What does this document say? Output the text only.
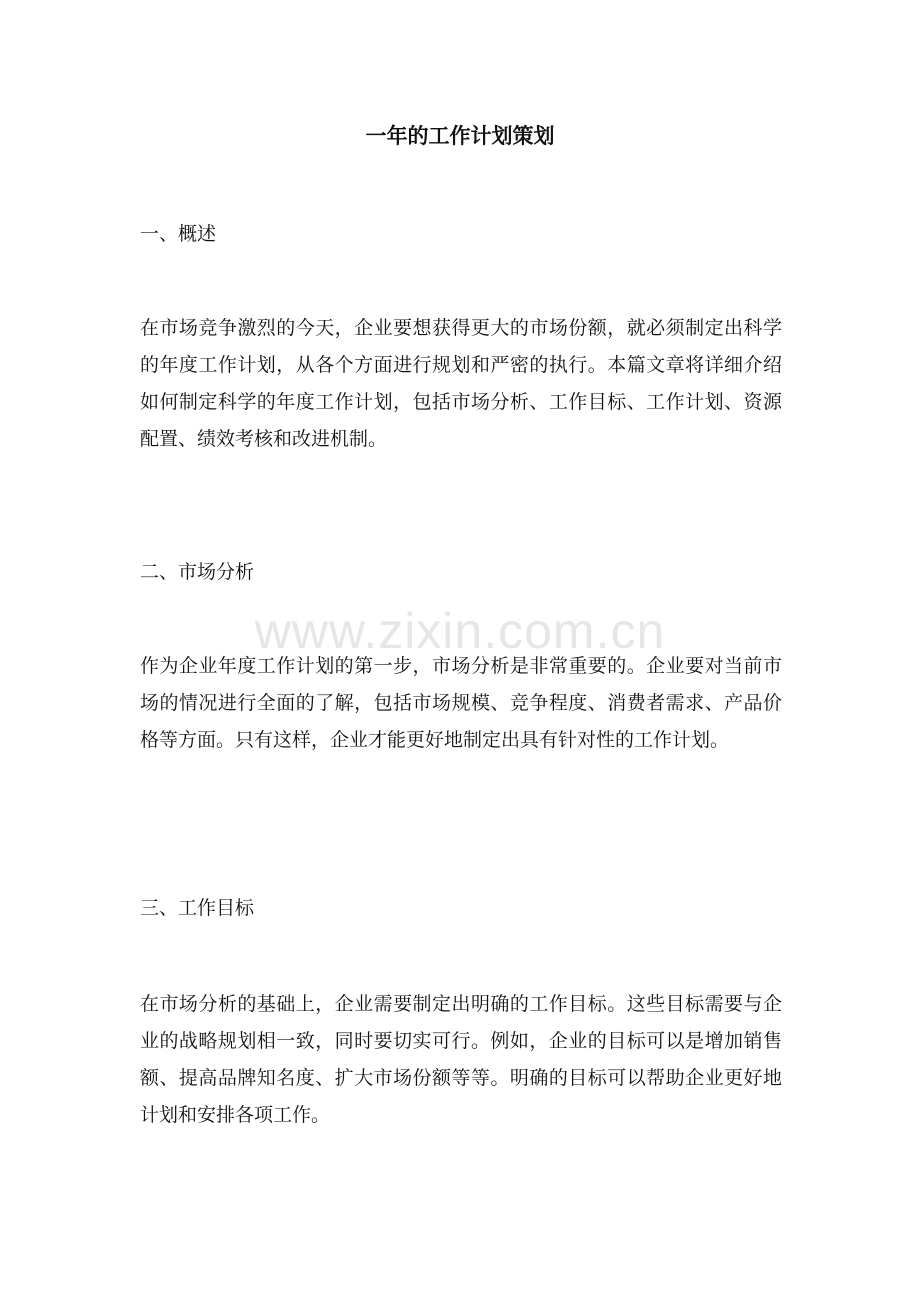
一年的工作计划策划
一、概述

在市场竞争激烈的今天，企业要想获得更大的市场份额，就必须制定出科学的年度工作计划，从各个方面进行规划和严密的执行。本篇文章将详细介绍如何制定科学的年度工作计划，包括市场分析、工作目标、工作计划、资源配置、绩效考核和改进机制。

二、市场分析

作为企业年度工作计划的第一步，市场分析是非常重要的。企业要对当前市场的情况进行全面的了解，包括市场规模、竞争程度、消费者需求、产品价格等方面。只有这样，企业才能更好地制定出具有针对性的工作计划。

三、工作目标

在市场分析的基础上，企业需要制定出明确的工作目标。这些目标需要与企业的战略规划相一致，同时要切实可行。例如，企业的目标可以是增加销售额、提高品牌知名度、扩大市场份额等等。明确的目标可以帮助企业更好地计划和安排各项工作。

www.zixin.com.cn
